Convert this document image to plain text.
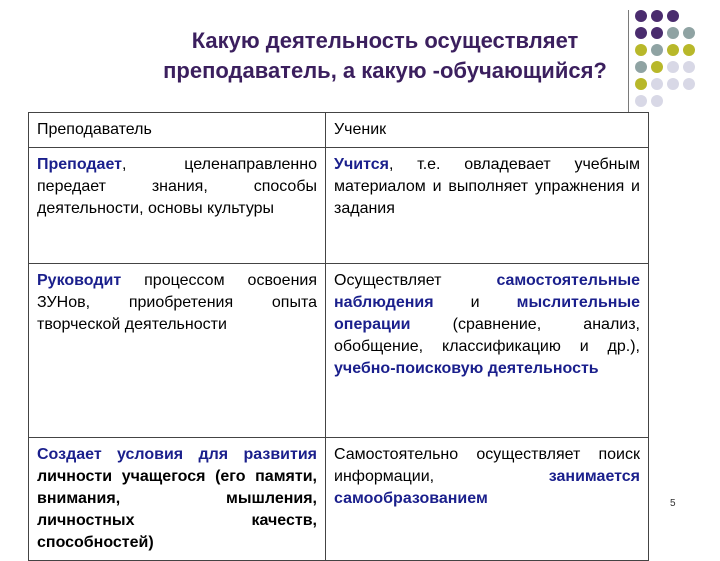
Какую деятельность осуществляет преподаватель, а какую -обучающийся?
Преподаватель	Ученик
Преподает, целенаправленно передает знания, способы деятельности, основы культуры	Учится, т.е. овладевает учебным материалом и выполняет упражнения и задания
Руководит процессом освоения ЗУНов, приобретения опыта творческой деятельности	Осуществляет самостоятельные наблюдения и мыслительные операции (сравнение, анализ, обобщение, классификацию и др.), учебно-поисковую деятельность
Создает условия для развития личности учащегося (его памяти, внимания, мышления, личностных качеств, способностей)	Самостоятельно осуществляет поиск информации, занимается самообразованием	5
